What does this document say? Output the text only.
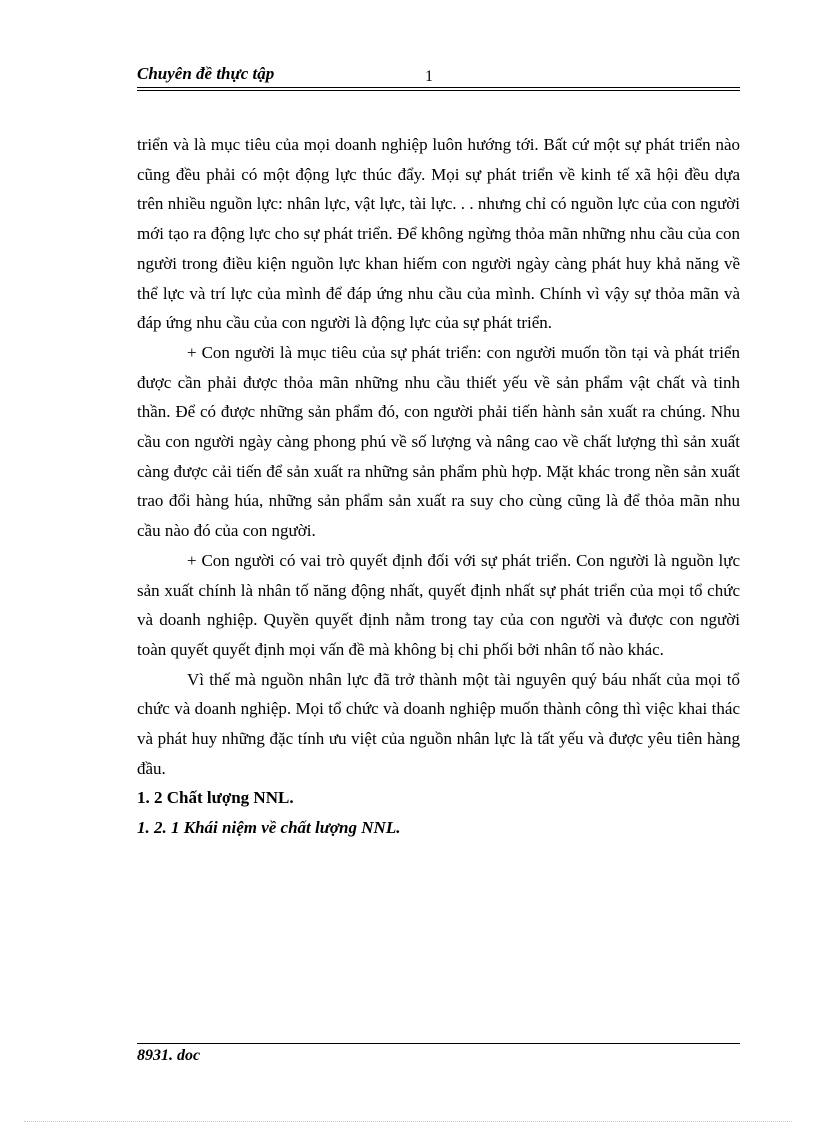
Chuyên đề thực tập	1

triển và là mục tiêu của mọi doanh nghiệp luôn hướng tới. Bất cứ một sự phát triển nào cũng đều phải có một động lực thúc đẩy. Mọi sự phát triển về kinh tế xã hội đều dựa trên nhiều nguồn lực: nhân lực, vật lực, tài lực. . . nhưng chỉ có nguồn lực của con người mới tạo ra động lực cho sự phát triển. Để không ngừng thỏa mãn những nhu cầu của con người trong điều kiện nguồn lực khan hiếm con người ngày càng phát huy khả năng về thể lực và trí lực của mình để đáp ứng nhu cầu của mình. Chính vì vậy sự thỏa mãn và đáp ứng nhu cầu của con người là động lực của sự phát triển.

+ Con người là mục tiêu của sự phát triển: con người muốn tồn tại và phát triển được cần phải được thỏa mãn những nhu cầu thiết yếu về sản phẩm vật chất và tinh thần. Để có được những sản phẩm đó, con người phải tiến hành sản xuất ra chúng. Nhu cầu con người ngày càng phong phú về số lượng và nâng cao về chất lượng thì sản xuất càng được cải tiến để sản xuất ra những sản phẩm phù hợp. Mặt khác trong nền sản xuất trao đổi hàng húa, những sản phẩm sản xuất ra suy cho cùng cũng là để thỏa mãn nhu cầu nào đó của con người.

+ Con người có vai trò quyết định đối với sự phát triển. Con người là nguồn lực sản xuất chính là nhân tố năng động nhất, quyết định nhất sự phát triển của mọi tổ chức và doanh nghiệp. Quyền quyết định nằm trong tay của con người và được con người toàn quyết quyết định mọi vấn đề mà không bị chi phối bởi nhân tố nào khác.

Vì thế mà nguồn nhân lực đã trở thành một tài nguyên quý báu nhất của mọi tổ chức và doanh nghiệp. Mọi tổ chức và doanh nghiệp muốn thành công thì việc khai thác và phát huy những đặc tính ưu việt của nguồn nhân lực là tất yếu và được yêu tiên hàng đầu.

1. 2 Chất lượng NNL.

1. 2. 1 Khái niệm về chất lượng NNL.

8931. doc
